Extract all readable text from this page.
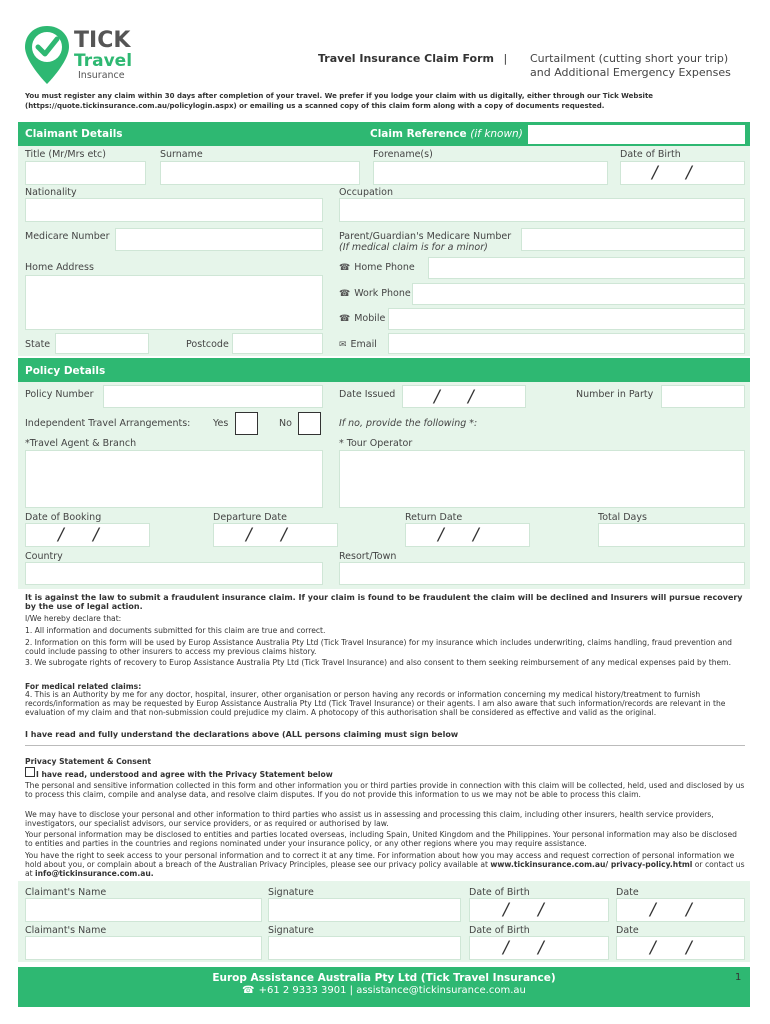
TICK
Travel
Insurance
Travel Insurance Claim Form |	Curtailment (cutting short your trip)
and Additional Emergency Expenses
You must register any claim within 30 days after completion of your travel. We prefer if you lodge your claim with us digitally, either through our Tick Website
(https://quote.tickinsurance.com.au/policylogin.aspx) or emailing us a scanned copy of this claim form along with a copy of documents requested.
Claimant Details	Claim Reference (if known)
Title (Mr/Mrs etc)	Surname	Forename(s)	Date of Birth
/ /
Nationality	Occupation
Medicare Number	Parent/Guardian's Medicare Number
(If medical claim is for a minor)
Home Address	☎ Home Phone
☎ Work Phone
☎ Mobile
State	Postcode	✉ Email
Policy Details
Policy Number	Date Issued / /	Number in Party
Independent Travel Arrangements: Yes	No	If no, provide the following *:
*Travel Agent & Branch	* Tour Operator
Date of Booking	Departure Date	Return Date	Total Days
/ /	/ /	/ /
Country	Resort/Town
It is against the law to submit a fraudulent insurance claim. If your claim is found to be fraudulent the claim will be declined and Insurers will pursue recovery by the use of legal action.
I/We hereby declare that:
1. All information and documents submitted for this claim are true and correct.
2. Information on this form will be used by Europ Assistance Australia Pty Ltd (Tick Travel Insurance) for my insurance which includes underwriting, claims handling, fraud prevention and could include passing to other insurers to access my previous claims history.
3. We subrogate rights of recovery to Europ Assistance Australia Pty Ltd (Tick Travel Insurance) and also consent to them seeking reimbursement of any medical expenses paid by them.
For medical related claims:
4. This is an Authority by me for any doctor, hospital, insurer, other organisation or person having any records or information concerning my medical history/treatment to furnish records/information as may be requested by Europ Assistance Australia Pty Ltd (Tick Travel Insurance) or their agents. I am also aware that such information/records are relevant in the evaluation of my claim and that non-submission could prejudice my claim. A photocopy of this authorisation shall be considered as effective and valid as the original.
I have read and fully understand the declarations above (ALL persons claiming must sign below
Privacy Statement & Consent
I have read, understood and agree with the Privacy Statement below
The personal and sensitive information collected in this form and other information you or third parties provide in connection with this claim will be collected, held, used and disclosed by us to process this claim, compile and analyse data, and resolve claim disputes. If you do not provide this information to us we may not be able to process this claim.
We may have to disclose your personal and other information to third parties who assist us in assessing and processing this claim, including other insurers, health service providers, investigators, our specialist advisors, our service providers, or as required or authorised by law.
Your personal information may be disclosed to entities and parties located overseas, including Spain, United Kingdom and the Philippines. Your personal information may also be disclosed to entities and parties in the countries and regions nominated under your insurance policy, or any other regions where you may require assistance.
You have the right to seek access to your personal information and to correct it at any time. For information about how you may access and request correction of personal information we hold about you, or complain about a breach of the Australian Privacy Principles, please see our privacy policy available at www.tickinsurance.com.au/ privacy-policy.html or contact us at info@tickinsurance.com.au.
Claimant's Name	Signature	Date of Birth	Date
/ /	/ /
Claimant's Name	Signature	Date of Birth	Date
/ /	/ /
Europ Assistance Australia Pty Ltd (Tick Travel Insurance)
☎ +61 2 9333 3901 | assistance@tickinsurance.com.au
1
